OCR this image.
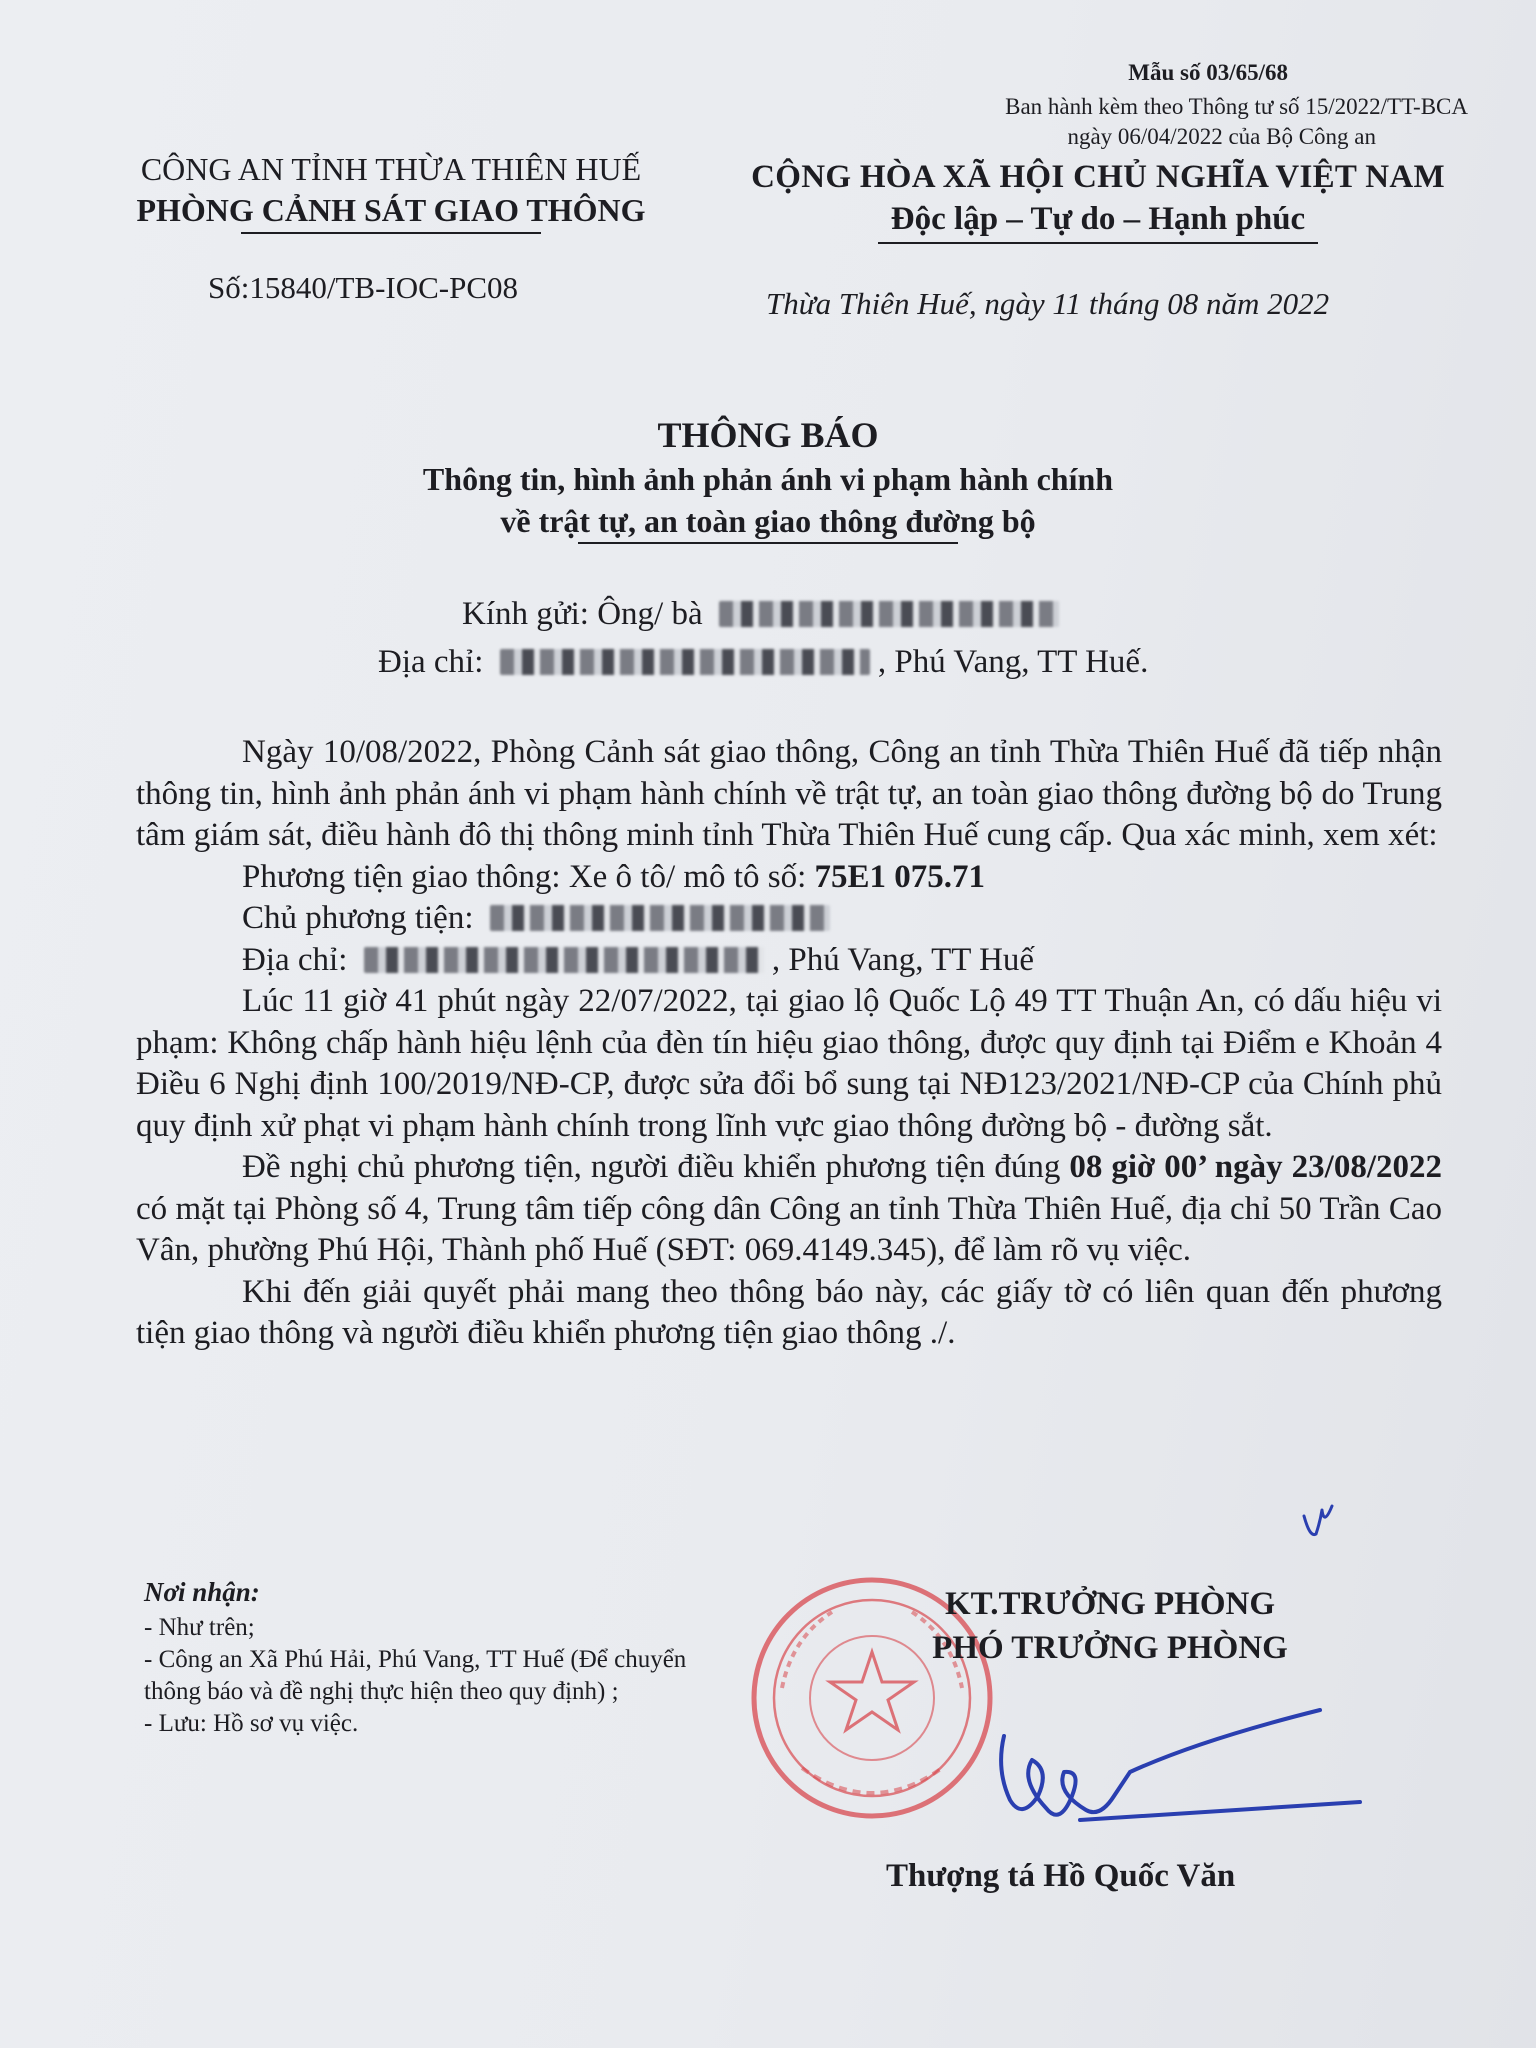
Mẫu số 03/65/68
Ban hành kèm theo Thông tư số 15/2022/TT-BCA
ngày 06/04/2022 của Bộ Công an
CÔNG AN TỈNH THỪA THIÊN HUẾ
PHÒNG CẢNH SÁT GIAO THÔNG
Số:15840/TB-IOC-PC08
CỘNG HÒA XÃ HỘI CHỦ NGHĨA VIỆT NAM
Độc lập – Tự do – Hạnh phúc
Thừa Thiên Huế, ngày 11 tháng 08 năm 2022
THÔNG BÁO
Thông tin, hình ảnh phản ánh vi phạm hành chính
về trật tự, an toàn giao thông đường bộ
Kính gửi: Ông/ bà
Địa chỉ:	, Phú Vang, TT Huế.

Ngày 10/08/2022, Phòng Cảnh sát giao thông, Công an tỉnh Thừa Thiên Huế đã tiếp nhận thông tin, hình ảnh phản ánh vi phạm hành chính về trật tự, an toàn giao thông đường bộ do Trung tâm giám sát, điều hành đô thị thông minh tỉnh Thừa Thiên Huế cung cấp. Qua xác minh, xem xét:

Phương tiện giao thông: Xe ô tô/ mô tô số: 75E1 075.71

Chủ phương tiện:

Địa chỉ:	, Phú Vang, TT Huế

Lúc 11 giờ 41 phút ngày 22/07/2022, tại giao lộ Quốc Lộ 49 TT Thuận An, có dấu hiệu vi phạm: Không chấp hành hiệu lệnh của đèn tín hiệu giao thông, được quy định tại Điểm e Khoản 4 Điều 6 Nghị định 100/2019/NĐ-CP, được sửa đổi bổ sung tại NĐ123/2021/NĐ-CP của Chính phủ quy định xử phạt vi phạm hành chính trong lĩnh vực giao thông đường bộ - đường sắt.

Đề nghị chủ phương tiện, người điều khiển phương tiện đúng 08 giờ 00’ ngày 23/08/2022 có mặt tại Phòng số 4, Trung tâm tiếp công dân Công an tỉnh Thừa Thiên Huế, địa chỉ 50 Trần Cao Vân, phường Phú Hội, Thành phố Huế (SĐT: 069.4149.345), để làm rõ vụ việc.

Khi đến giải quyết phải mang theo thông báo này, các giấy tờ có liên quan đến phương tiện giao thông và người điều khiển phương tiện giao thông ./.

Nơi nhận:
- Như trên;
- Công an Xã Phú Hải, Phú Vang, TT Huế (Để chuyển thông báo và đề nghị thực hiện theo quy định) ;
- Lưu: Hồ sơ vụ việc.
KT.TRƯỞNG PHÒNG
PHÓ TRƯỞNG PHÒNG
Thượng tá Hồ Quốc Văn
